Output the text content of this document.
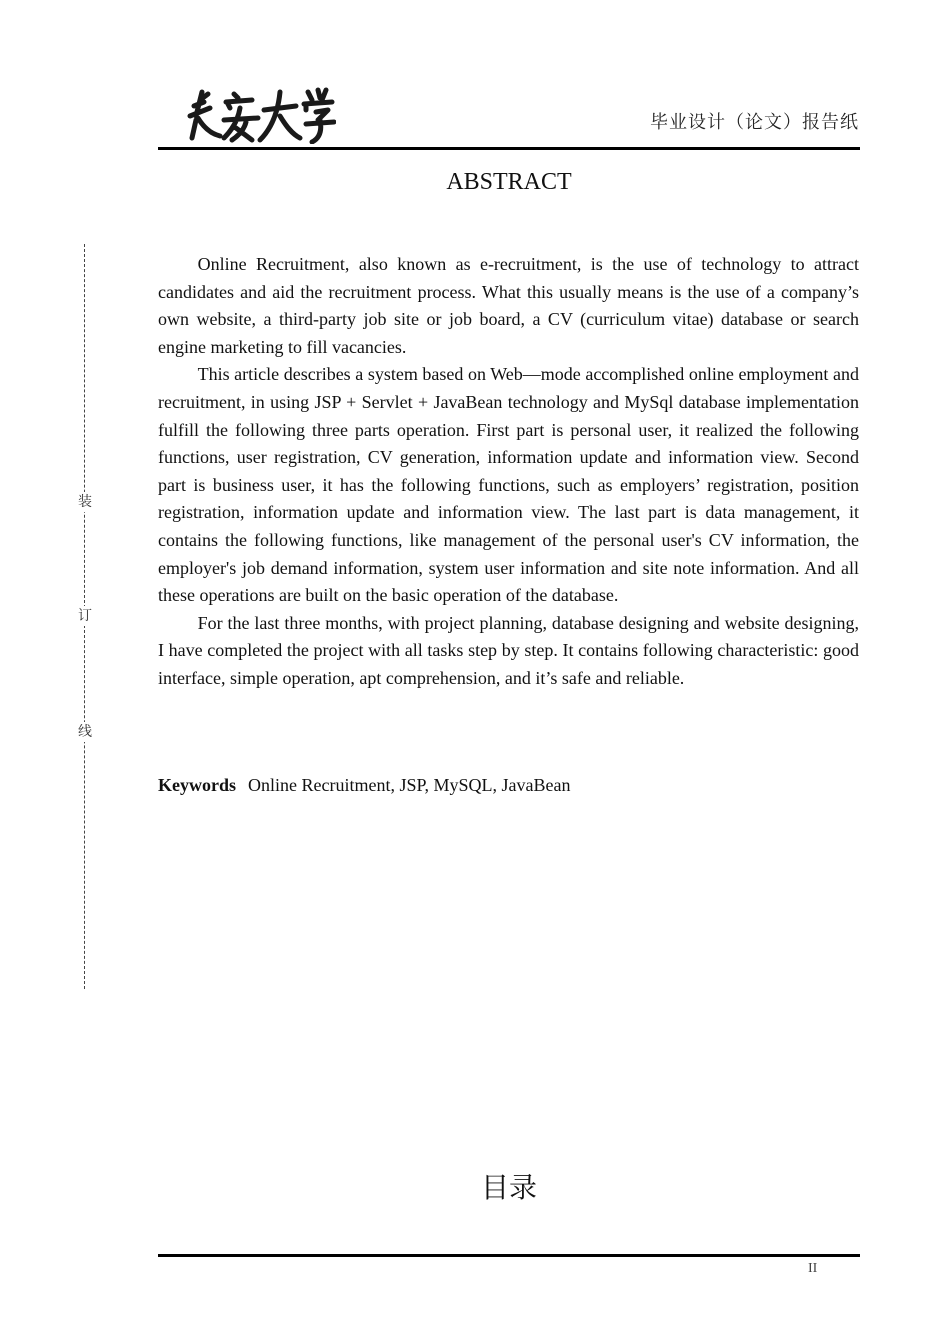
毕业设计（论文）报告纸
装
订
线
ABSTRACT

Online Recruitment, also known as e-recruitment, is the use of technology to attract candidates and aid the recruitment process. What this usually means is the use of a company’s own website, a third-party job site or job board, a CV (curriculum vitae) database or search engine marketing to fill vacancies.

This article describes a system based on Web—mode accomplished online employment and recruitment, in using JSP + Servlet + JavaBean technology and MySql database implementation fulfill the following three parts operation. First part is personal user, it realized the following functions, user registration, CV generation, information update and information view. Second part is business user, it has the following functions, such as employers’ registration, position registration, information update and information view. The last part is data management, it contains the following functions, like management of the personal user's CV information, the employer's job demand information, system user information and site note information. And all these operations are built on the basic operation of the database.

For the last three months, with project planning, database designing and website designing, I have completed the project with all tasks step by step. It contains following characteristic: good interface, simple operation, apt comprehension, and it’s safe and reliable.

Keywords Online Recruitment, JSP, MySQL, JavaBean
目录
II
